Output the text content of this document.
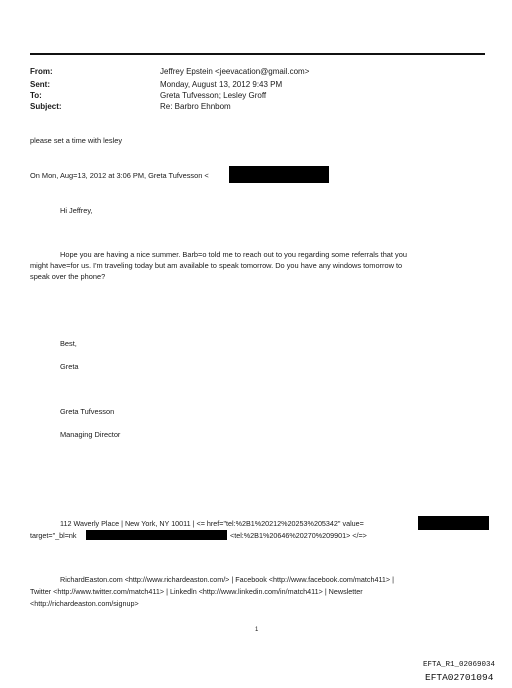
From:	Jeffrey Epstein <jeevacation@gmail.com>
Sent:	Monday, August 13, 2012 9:43 PM
To:	Greta Tufvesson; Lesley Groff
Subject:	Re: Barbro Ehnbom
please set a time with lesley
On Mon, Aug=13, 2012 at 3:06 PM, Greta Tufvesson <
Hi Jeffrey,
Hope you are having a nice summer. Barb=o told me to reach out to you regarding some referrals that you
might have=for us. I'm traveling today but am available to speak tomorrow. Do you have any windows tomorrow to
speak over the phone?
Best,
Greta
Greta Tufvesson
Managing Director
112 Waverly Place | New York, NY 10011 | <= href="tel:%2B1%20212%20253%205342" value=
target="_bl=nk	<tel:%2B1%20646%20270%209901> </=>
RichardEaston.com <http://www.richardeaston.com/> | Facebook <http://www.facebook.com/match411> |
Twitter <http://www.twitter.com/match411> | Linkedln <http://www.linkedin.com/in/match411> | Newsletter
<http://richardeaston.com/signup>
1
EFTA_R1_02069034
EFTA02701094
